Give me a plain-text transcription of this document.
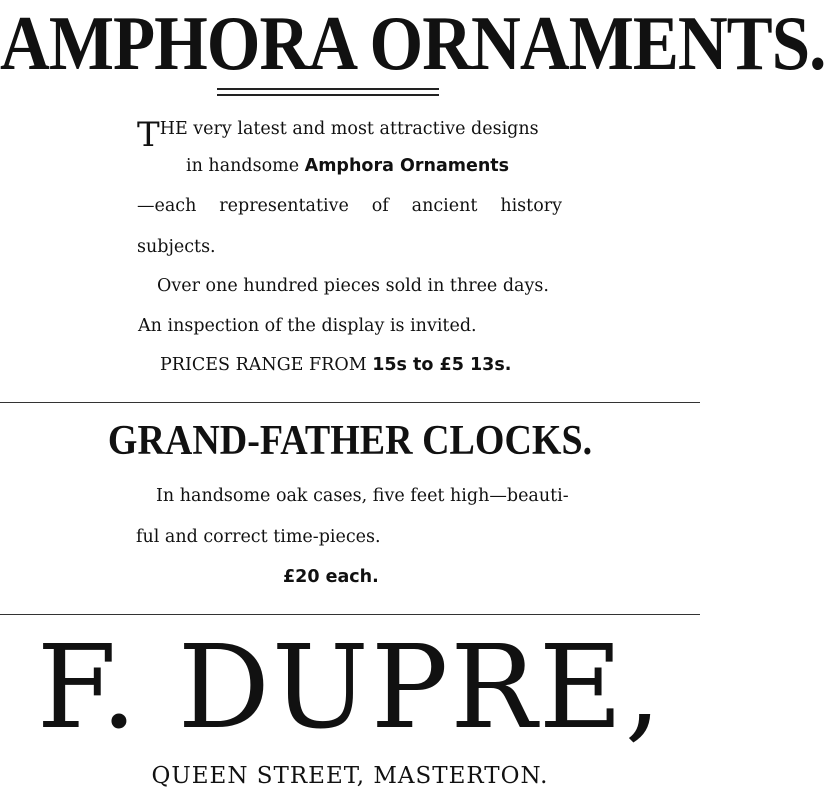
AMPHORA ORNAMENTS.
THE very latest and most attractive designs
in handsome Amphora Ornaments
—each representative of ancient history
subjects.
Over one hundred pieces sold in three days.
An inspection of the display is invited.
PRICES RANGE FROM 15s to £5 13s.
GRAND-FATHER CLOCKS.
In handsome oak cases, five feet high—beauti-
ful and correct time-pieces.
£20 each.
F. DUPRE,
QUEEN STREET, MASTERTON.
